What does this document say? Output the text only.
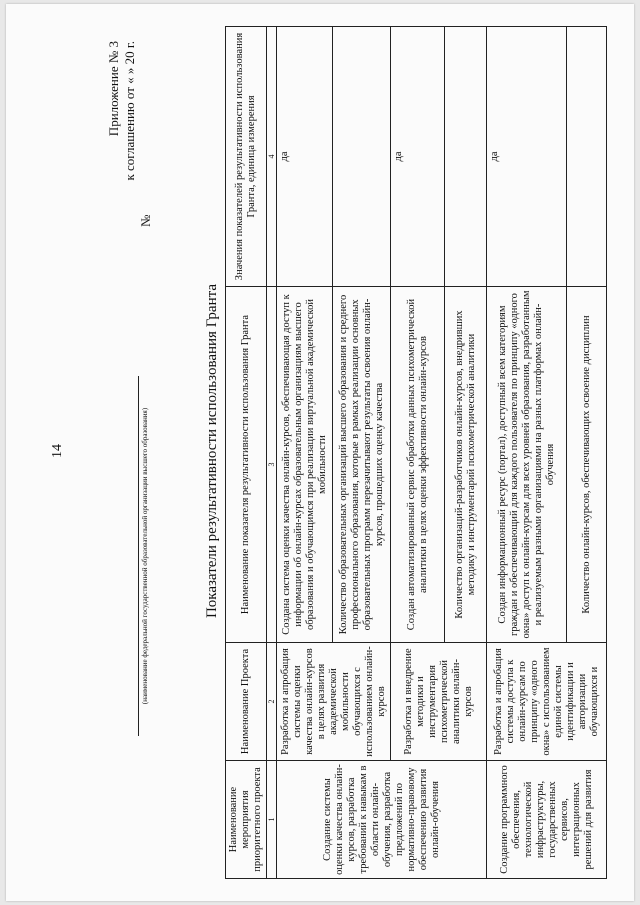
14
Приложение № 3 к соглашению от « » 20 г.
№
(наименование федеральной государственной образовательной организации высшего образования)	Показатели результативности использования Гранта
Наименование мероприятия приоритетного проекта	Наименование Проекта	Наименование показателя результативности использования Гранта	Значения показателей результативности использования Гранта, единица измерения
1	2	3	4
Создание системы оценки качества онлайн-курсов, разработка требований к навыкам в области онлайн-обучения, разработка предложений по нормативно-правовому обеспечению развития онлайн-обучения	Разработка и апробация системы оценки качества онлайн-курсов в целях развития академической мобильности обучающихся с использованием онлайн-курсов	Создана система оценки качества онлайн-курсов, обеспечивающая доступ к информации об онлайн-курсах образовательным организациям высшего образования и обучающимся при реализации виртуальной академической мобильности	да
		Количество образовательных организаций высшего образования и среднего профессионального образования, которые в рамках реализации основных образовательных программ перезачитывают результаты освоения онлайн-курсов, прошедших оценку качества	
	Разработка и внедрение методики и инструментария психометрической аналитики онлайн-курсов	Создан автоматизированный сервис обработки данных психометрической аналитики в целях оценки эффективности онлайн-курсов	да
		Количество организаций-разработчиков онлайн-курсов, внедривших методику и инструментарий психометрической аналитики	
Создание программного обеспечения, технологической инфраструктуры, государственных сервисов, интеграционных решений для развития	Разработка и апробация системы доступа к онлайн-курсам по принципу «одного окна» с использованием единой системы идентификации и авторизации обучающихся и	Создан информационный ресурс (портал), доступный всем категориям граждан и обеспечивающий для каждого пользователя по принципу «одного окна» доступ к онлайн-курсам для всех уровней образования, разработанным и реализуемым разными организациями на разных платформах онлайн-обучения	да
		Количество онлайн-курсов, обеспечивающих освоение дисциплин	
